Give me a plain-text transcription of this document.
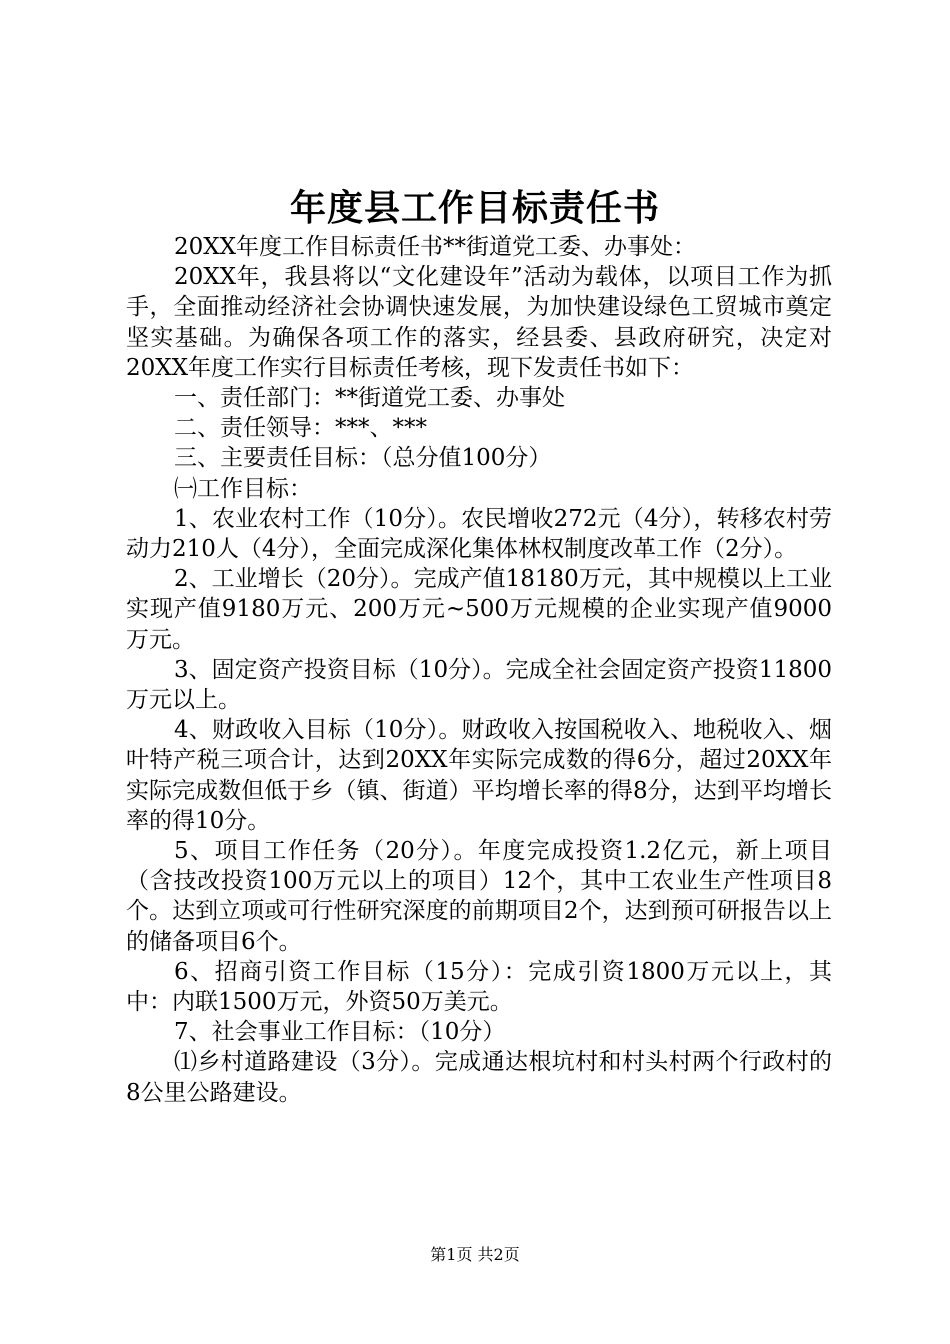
年度县工作目标责任书

20XX年度工作目标责任书**街道党工委、办事处：

20XX年，我县将以“文化建设年”活动为载体，以项目工作为抓手，全面推动经济社会协调快速发展，为加快建设绿色工贸城市奠定坚实基础。为确保各项工作的落实，经县委、县政府研究，决定对20XX年度工作实行目标责任考核，现下发责任书如下：

一、责任部门：**街道党工委、办事处

二、责任领导：***、***

三、主要责任目标：（总分值100分）

㈠工作目标：

1、农业农村工作（10分）。农民增收272元（4分），转移农村劳动力210人（4分），全面完成深化集体林权制度改革工作（2分）。

2、工业增长（20分）。完成产值18180万元，其中规模以上工业实现产值9180万元、200万元~500万元规模的企业实现产值9000万元。

3、固定资产投资目标（10分）。完成全社会固定资产投资11800万元以上。

4、财政收入目标（10分）。财政收入按国税收入、地税收入、烟叶特产税三项合计，达到20XX年实际完成数的得6分，超过20XX年实际完成数但低于乡（镇、街道）平均增长率的得8分，达到平均增长率的得10分。

5、项目工作任务（20分）。年度完成投资1.2亿元，新上项目（含技改投资100万元以上的项目）12个，其中工农业生产性项目8个。达到立项或可行性研究深度的前期项目2个，达到预可研报告以上的储备项目6个。

6、招商引资工作目标（15分）：完成引资1800万元以上，其中：内联1500万元，外资50万美元。

7、社会事业工作目标：（10分）

⑴乡村道路建设（3分）。完成通达根坑村和村头村两个行政村的8公里公路建设。

第1页 共2页
